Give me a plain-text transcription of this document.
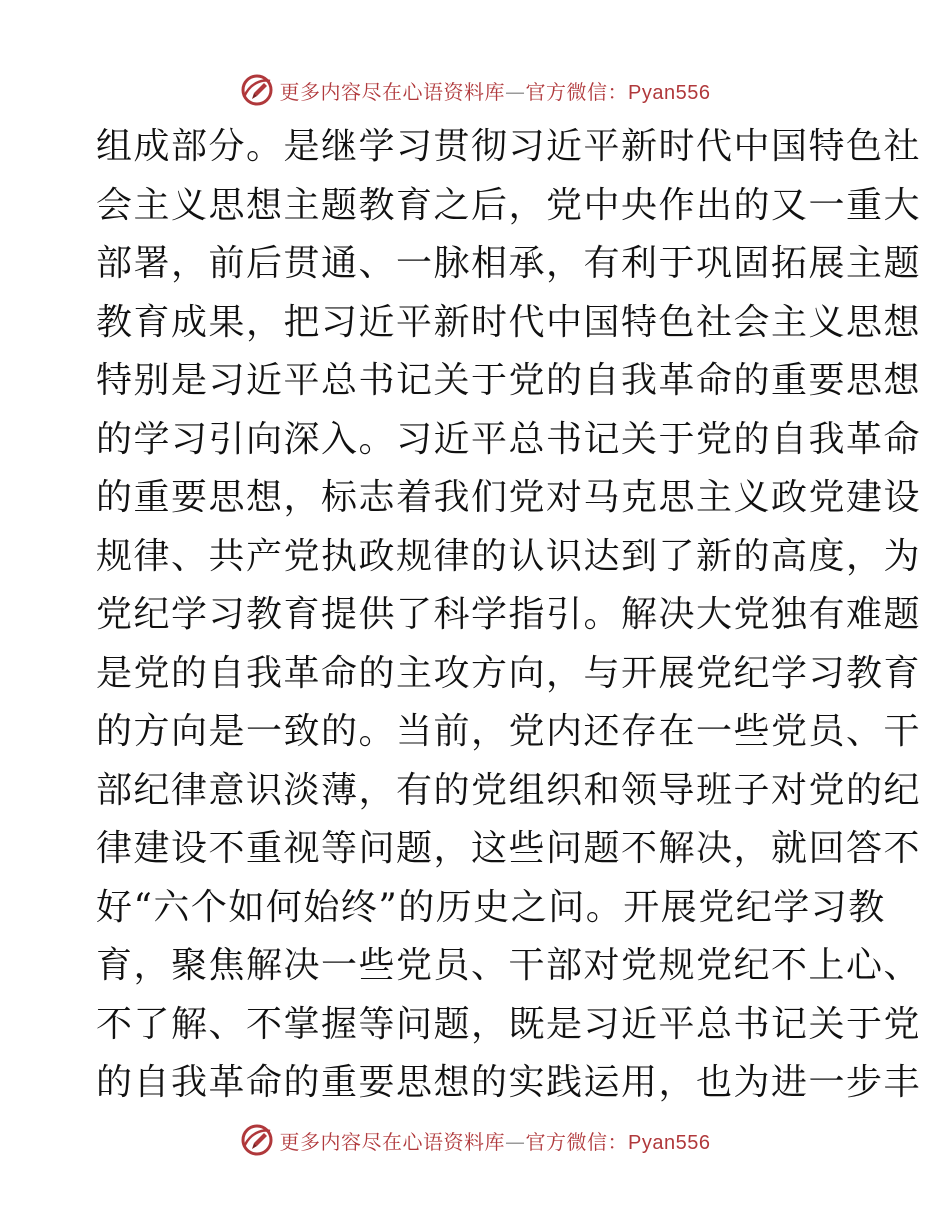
更多内容尽在心语资料库—官方微信：Pyan556
组成部分。是继学习贯彻习近平新时代中国特色社
会主义思想主题教育之后，党中央作出的又一重大
部署，前后贯通、一脉相承，有利于巩固拓展主题
教育成果，把习近平新时代中国特色社会主义思想
特别是习近平总书记关于党的自我革命的重要思想
的学习引向深入。习近平总书记关于党的自我革命
的重要思想，标志着我们党对马克思主义政党建设
规律、共产党执政规律的认识达到了新的高度，为
党纪学习教育提供了科学指引。解决大党独有难题
是党的自我革命的主攻方向，与开展党纪学习教育
的方向是一致的。当前，党内还存在一些党员、干
部纪律意识淡薄，有的党组织和领导班子对党的纪
律建设不重视等问题，这些问题不解决，就回答不
好“六个如何始终”的历史之问。开展党纪学习教
育，聚焦解决一些党员、干部对党规党纪不上心、
不了解、不掌握等问题，既是习近平总书记关于党
的自我革命的重要思想的实践运用，也为进一步丰
更多内容尽在心语资料库—官方微信：Pyan556
